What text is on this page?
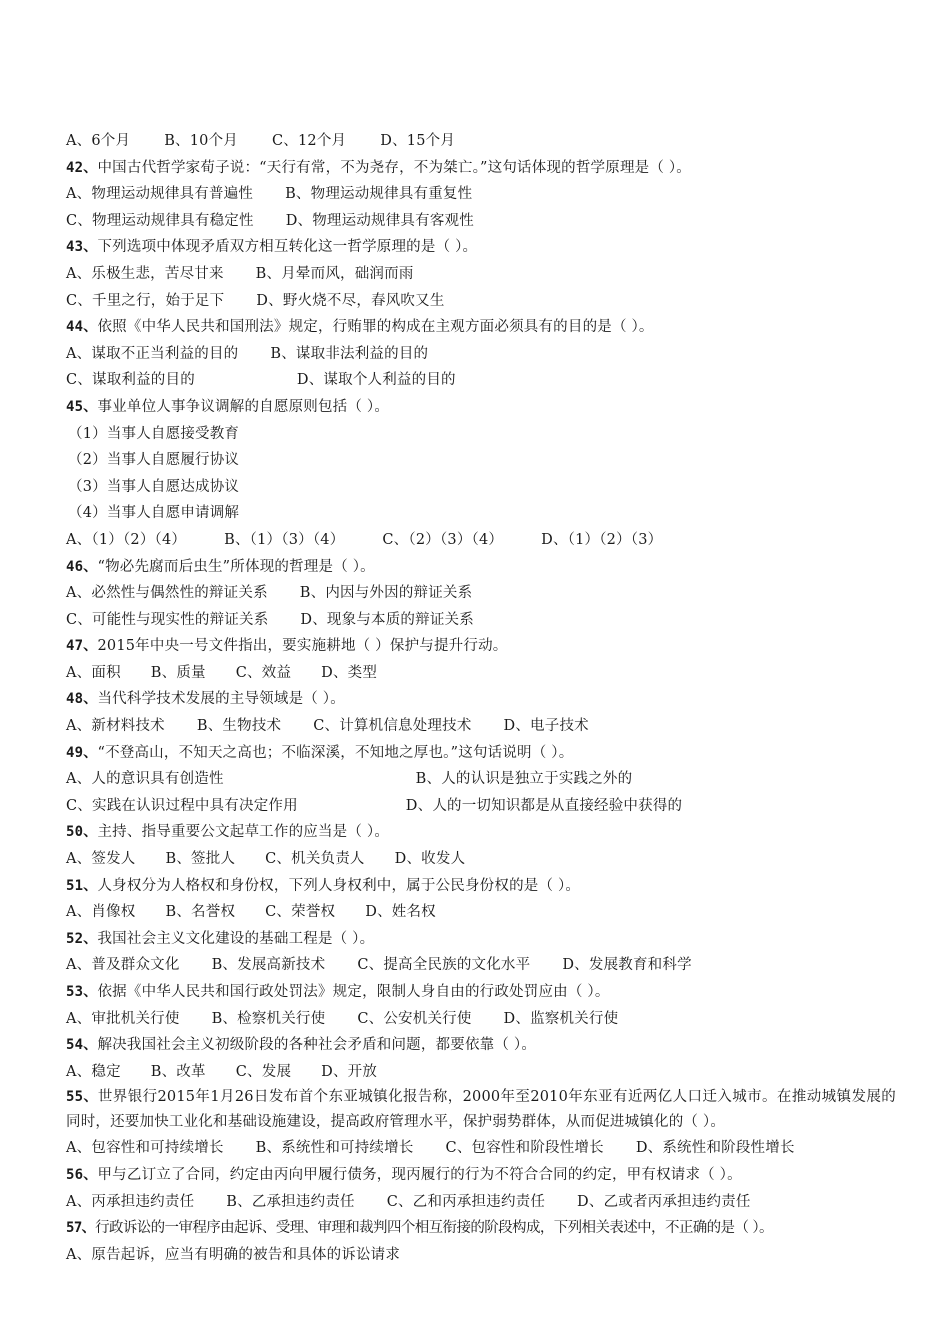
A、6个月 B、10个月 C、12个月 D、15个月
42、中国古代哲学家荀子说：“天行有常，不为尧存，不为桀亡。”这句话体现的哲学原理是（ ）。
A、物理运动规律具有普遍性 B、物理运动规律具有重复性
C、物理运动规律具有稳定性 D、物理运动规律具有客观性
43、下列选项中体现矛盾双方相互转化这一哲学原理的是（ ）。
A、乐极生悲，苦尽甘来 B、月晕而风，础润而雨
C、千里之行，始于足下 D、野火烧不尽，春风吹又生
44、依照《中华人民共和国刑法》规定，行贿罪的构成在主观方面必须具有的目的是（ ）。
A、谋取不正当利益的目的 B、谋取非法利益的目的
C、谋取利益的目的	D、谋取个人利益的目的
45、事业单位人事争议调解的自愿原则包括（ ）。
（1）当事人自愿接受教育
（2）当事人自愿履行协议
（3）当事人自愿达成协议
（4）当事人自愿申请调解
A、（1）（2）（4）	B、（1）（3）（4）	C、（2）（3）（4）	D、（1）（2）（3）
46、“物必先腐而后虫生”所体现的哲理是（ ）。
A、必然性与偶然性的辩证关系 B、内因与外因的辩证关系
C、可能性与现实性的辩证关系 D、现象与本质的辩证关系
47、2015年中央一号文件指出，要实施耕地（ ）保护与提升行动。
A、面积 B、质量 C、效益 D、类型
48、当代科学技术发展的主导领域是（ ）。
A、新材料技术 B、生物技术 C、计算机信息处理技术 D、电子技术
49、“不登高山，不知天之高也；不临深溪，不知地之厚也。”这句话说明（ ）。
A、人的意识具有创造性	B、人的认识是独立于实践之外的
C、实践在认识过程中具有决定作用	D、人的一切知识都是从直接经验中获得的
50、主持、指导重要公文起草工作的应当是（ ）。
A、签发人 B、签批人 C、机关负责人 D、收发人
51、人身权分为人格权和身份权，下列人身权利中，属于公民身份权的是（ ）。
A、肖像权 B、名誉权 C、荣誉权 D、姓名权
52、我国社会主义文化建设的基础工程是（ ）。
A、普及群众文化 B、发展高新技术 C、提高全民族的文化水平 D、发展教育和科学
53、依据《中华人民共和国行政处罚法》规定，限制人身自由的行政处罚应由（ ）。
A、审批机关行使 B、检察机关行使 C、公安机关行使 D、监察机关行使
54、解决我国社会主义初级阶段的各种社会矛盾和问题，都要依靠（ ）。
A、稳定 B、改革 C、发展 D、开放
55、世界银行2015年1月26日发布首个东亚城镇化报告称，2000年至2010年东亚有近两亿人口迁入城市。在推动城镇发展的同时，还要加快工业化和基础设施建设，提高政府管理水平，保护弱势群体，从而促进城镇化的（ ）。
A、包容性和可持续增长 B、系统性和可持续增长 C、包容性和阶段性增长 D、系统性和阶段性增长
56、甲与乙订立了合同，约定由丙向甲履行债务，现丙履行的行为不符合合同的约定，甲有权请求（ ）。
A、丙承担违约责任 B、乙承担违约责任 C、乙和丙承担违约责任 D、乙或者丙承担违约责任
57、行政诉讼的一审程序由起诉、受理、审理和裁判四个相互衔接的阶段构成，下列相关表述中，不正确的是（ ）。
A、原告起诉，应当有明确的被告和具体的诉讼请求
